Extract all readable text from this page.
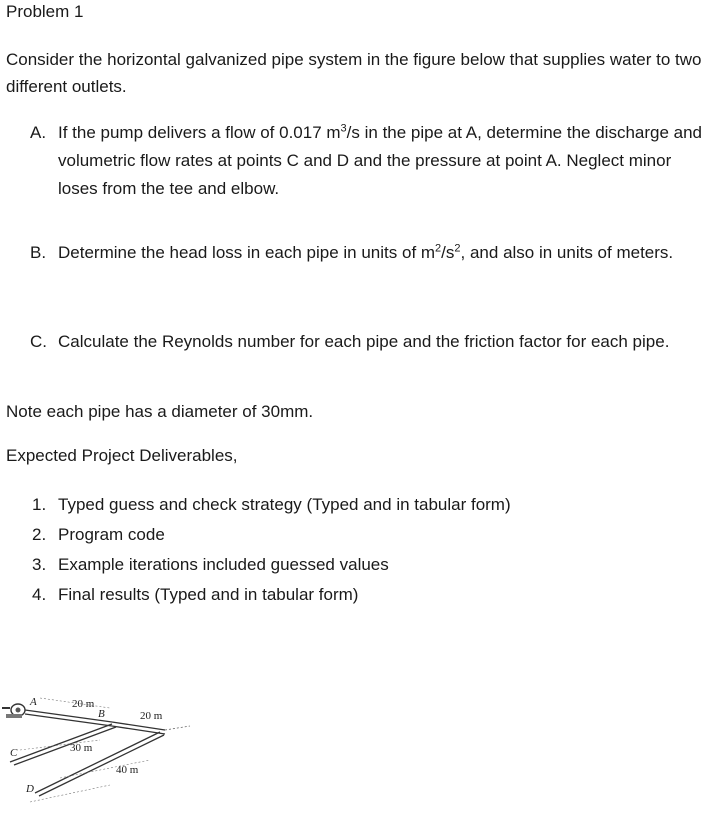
Problem 1
Consider the horizontal galvanized pipe system in the figure below that supplies water to two different outlets.
A. If the pump delivers a flow of 0.017 $m^3/s$ in the pipe at A, determine the discharge and volumetric flow rates at points C and D and the pressure at point A. Neglect minor loses from the tee and elbow.
B. Determine the head loss in each pipe in units of $m^2/s^2$, and also in units of meters.
C. Calculate the Reynolds number for each pipe and the friction factor for each pipe.
Note each pipe has a diameter of 30mm.
Expected Project Deliverables,
1. Typed guess and check strategy (Typed and in tabular form)
2. Program code
3. Example iterations included guessed values
4. Final results (Typed and in tabular form)
A
B
C
D
20 m
20 m
30 m
40 m
